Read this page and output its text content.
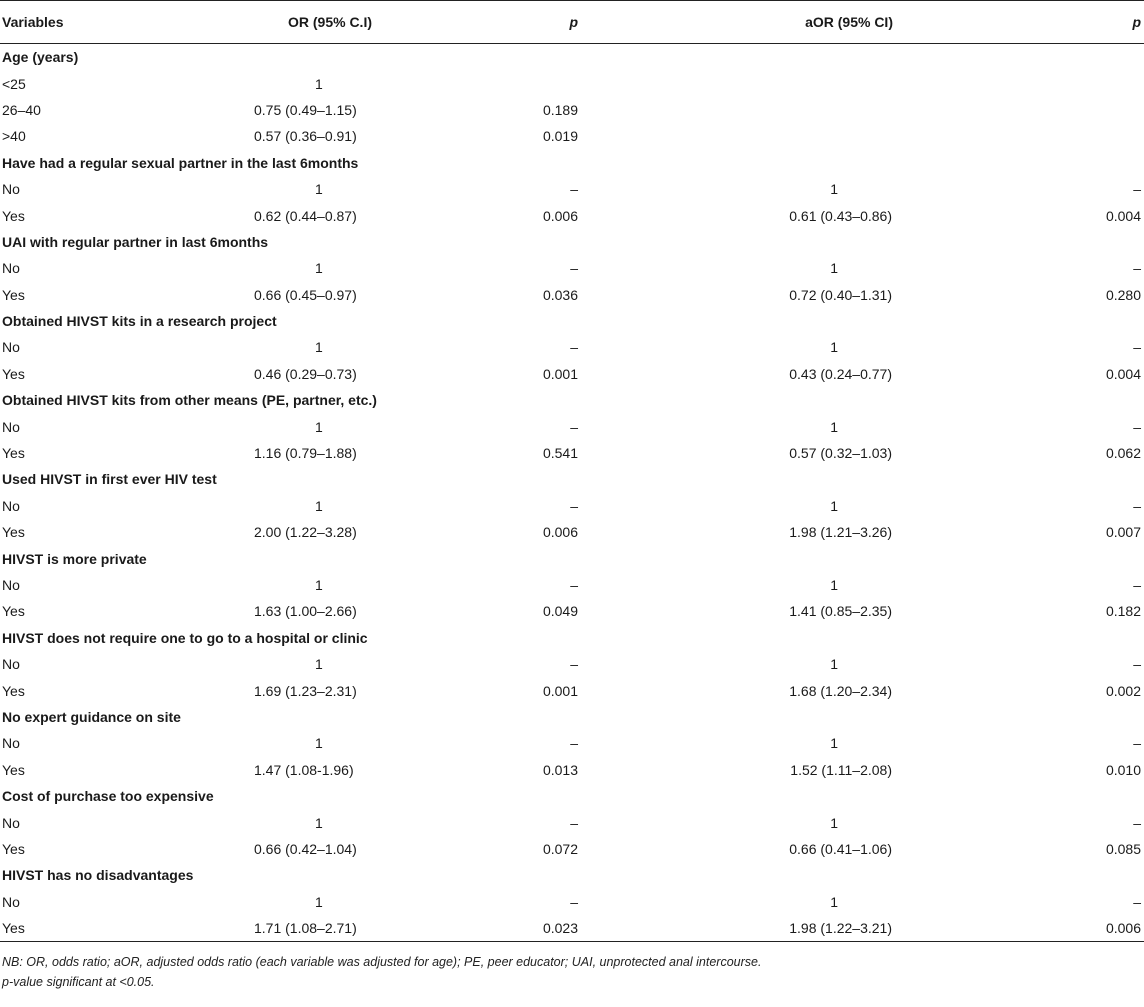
Variables	OR (95% C.I)	p	aOR (95% CI)	p
Age (years)				
<25	1			
26–40	0.75 (0.49–1.15)	0.189		
>40	0.57 (0.36–0.91)	0.019		
Have had a regular sexual partner in the last 6months				
No	1	–	1	–
Yes	0.62 (0.44–0.87)	0.006	0.61 (0.43–0.86)	0.004
UAI with regular partner in last 6months				
No	1	–	1	–
Yes	0.66 (0.45–0.97)	0.036	0.72 (0.40–1.31)	0.280
Obtained HIVST kits in a research project				
No	1	–	1	–
Yes	0.46 (0.29–0.73)	0.001	0.43 (0.24–0.77)	0.004
Obtained HIVST kits from other means (PE, partner, etc.)				
No	1	–	1	–
Yes	1.16 (0.79–1.88)	0.541	0.57 (0.32–1.03)	0.062
Used HIVST in first ever HIV test				
No	1	–	1	–
Yes	2.00 (1.22–3.28)	0.006	1.98 (1.21–3.26)	0.007
HIVST is more private				
No	1	–	1	–
Yes	1.63 (1.00–2.66)	0.049	1.41 (0.85–2.35)	0.182
HIVST does not require one to go to a hospital or clinic				
No	1	–	1	–
Yes	1.69 (1.23–2.31)	0.001	1.68 (1.20–2.34)	0.002
No expert guidance on site				
No	1	–	1	–
Yes	1.47 (1.08-1.96)	0.013	1.52 (1.11–2.08)	0.010
Cost of purchase too expensive				
No	1	–	1	–
Yes	0.66 (0.42–1.04)	0.072	0.66 (0.41–1.06)	0.085
HIVST has no disadvantages				
No	1	–	1	–
Yes	1.71 (1.08–2.71)	0.023	1.98 (1.22–3.21)	0.006
NB: OR, odds ratio; aOR, adjusted odds ratio (each variable was adjusted for age); PE, peer educator; UAI, unprotected anal intercourse.
p-value significant at <0.05.
